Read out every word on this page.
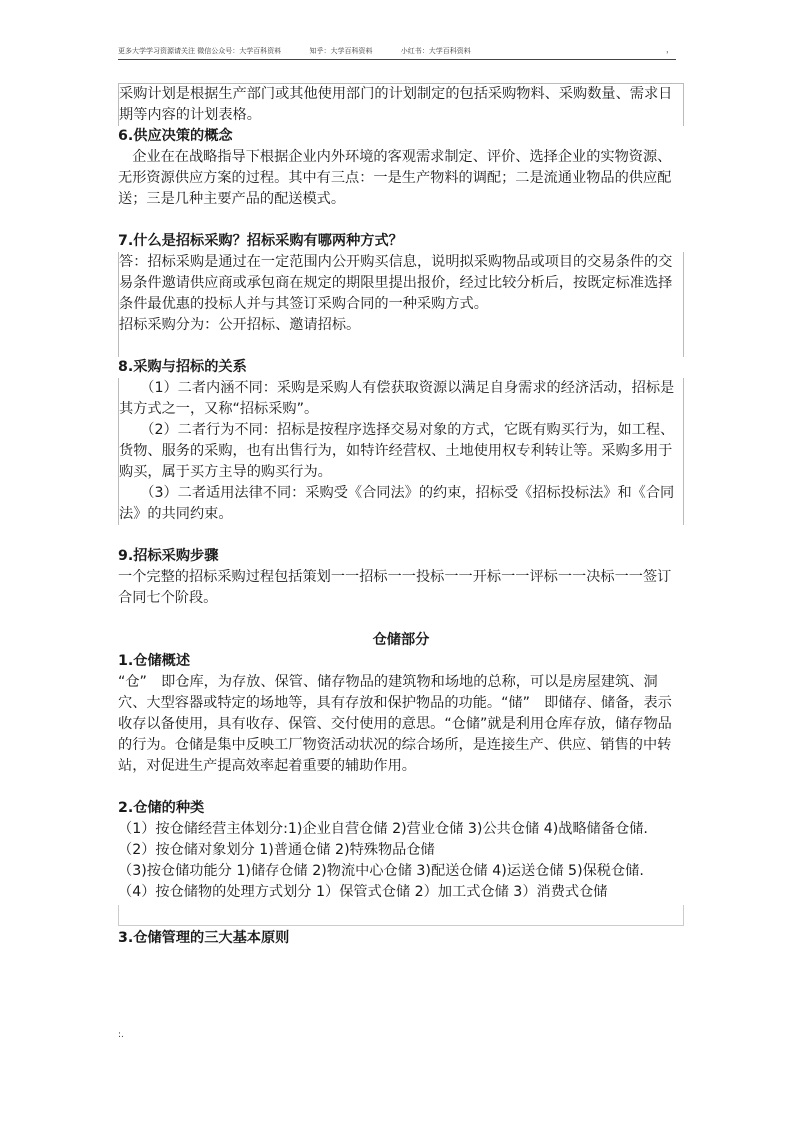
更多大学学习资源请关注 微信公众号：大学百科资料	知乎：大学百科资料	小红书：大学百科资料	，

采购计划是根据生产部门或其他使用部门的计划制定的包括采购物料、采购数量、需求日期等内容的计划表格。

6.供应决策的概念

　企业在在战略指导下根据企业内外环境的客观需求制定、评价、选择企业的实物资源、无形资源供应方案的过程。其中有三点：一是生产物料的调配；二是流通业物品的供应配送；三是几种主要产品的配送模式。

7.什么是招标采购？招标采购有哪两种方式？

答：招标采购是通过在一定范围内公开购买信息，说明拟采购物品或项目的交易条件的交易条件邀请供应商或承包商在规定的期限里提出报价，经过比较分析后，按既定标准选择条件最优惠的投标人并与其签订采购合同的一种采购方式。

招标采购分为：公开招标、邀请招标。

8.采购与招标的关系

　　（1）二者内涵不同：采购是采购人有偿获取资源以满足自身需求的经济活动，招标是其方式之一，又称“招标采购”。

　　（2）二者行为不同：招标是按程序选择交易对象的方式，它既有购买行为，如工程、货物、服务的采购，也有出售行为，如特许经营权、土地使用权专利转让等。采购多用于购买，属于买方主导的购买行为。

　　（3）二者适用法律不同：采购受《合同法》的约束，招标受《招标投标法》和《合同法》的共同约束。

9.招标采购步骤

一个完整的招标采购过程包括策划一一招标一一投标一一开标一一评标一一决标一一签订合同七个阶段。

仓储部分

1.仓储概述

“仓”　即仓库，为存放、保管、储存物品的建筑物和场地的总称，可以是房屋建筑、洞穴、大型容器或特定的场地等，具有存放和保护物品的功能。“储”　即储存、储备，表示收存以备使用，具有收存、保管、交付使用的意思。“仓储”就是利用仓库存放，储存物品的行为。仓储是集中反映工厂物资活动状况的综合场所，是连接生产、供应、销售的中转站，对促进生产提高效率起着重要的辅助作用。

2.仓储的种类

（1）按仓储经营主体划分:1)企业自营仓储 2)营业仓储 3)公共仓储 4)战略储备仓储.

（2）按仓储对象划分 1)普通仓储 2)特殊物品仓储

（3)按仓储功能分 1)储存仓储 2)物流中心仓储 3)配送仓储 4)运送仓储 5)保税仓储.

（4）按仓储物的处理方式划分 1）保管式仓储 2）加工式仓储 3）消费式仓储

3.仓储管理的三大基本原则

:.
